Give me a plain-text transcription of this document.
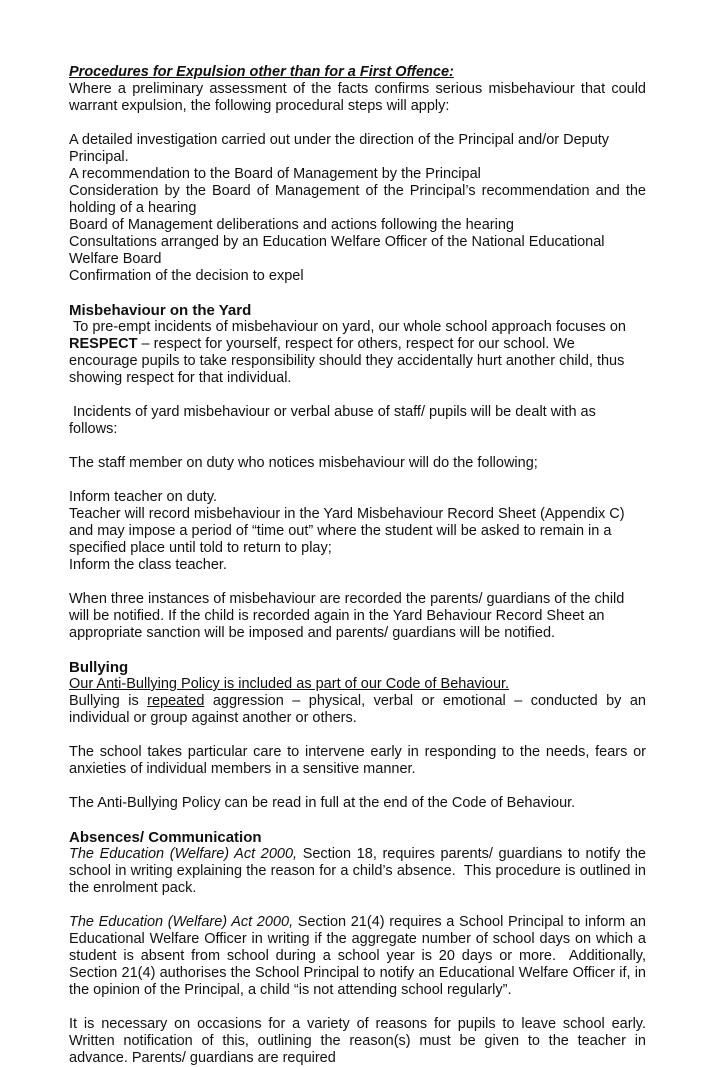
Procedures for Expulsion other than for a First Offence:

Where a preliminary assessment of the facts confirms serious misbehaviour that could warrant expulsion, the following procedural steps will apply:

A detailed investigation carried out under the direction of the Principal and/or Deputy Principal.

A recommendation to the Board of Management by the Principal

Consideration by the Board of Management of the Principal’s recommendation and the holding of a hearing

Board of Management deliberations and actions following the hearing

Consultations arranged by an Education Welfare Officer of the National Educational Welfare Board

Confirmation of the decision to expel

Misbehaviour on the Yard

To pre-empt incidents of misbehaviour on yard, our whole school approach focuses on RESPECT – respect for yourself, respect for others, respect for our school. We encourage pupils to take responsibility should they accidentally hurt another child, thus showing respect for that individual.

Incidents of yard misbehaviour or verbal abuse of staff/ pupils will be dealt with as follows:

The staff member on duty who notices misbehaviour will do the following;

Inform teacher on duty.

Teacher will record misbehaviour in the Yard Misbehaviour Record Sheet (Appendix C) and may impose a period of “time out” where the student will be asked to remain in a specified place until told to return to play;

Inform the class teacher.

When three instances of misbehaviour are recorded the parents/ guardians of the child will be notified. If the child is recorded again in the Yard Behaviour Record Sheet an appropriate sanction will be imposed and parents/ guardians will be notified.

Bullying

Our Anti-Bullying Policy is included as part of our Code of Behaviour.

Bullying is repeated aggression – physical, verbal or emotional – conducted by an individual or group against another or others.

The school takes particular care to intervene early in responding to the needs, fears or anxieties of individual members in a sensitive manner.

The Anti-Bullying Policy can be read in full at the end of the Code of Behaviour.

Absences/ Communication

The Education (Welfare) Act 2000, Section 18, requires parents/ guardians to notify the school in writing explaining the reason for a child’s absence.  This procedure is outlined in the enrolment pack.

The Education (Welfare) Act 2000, Section 21(4) requires a School Principal to inform an Educational Welfare Officer in writing if the aggregate number of school days on which a student is absent from school during a school year is 20 days or more.  Additionally, Section 21(4) authorises the School Principal to notify an Educational Welfare Officer if, in the opinion of the Principal, a child “is not attending school regularly”.

It is necessary on occasions for a variety of reasons for pupils to leave school early.  Written notification of this, outlining the reason(s) must be given to the teacher in advance. Parents/ guardians are required
